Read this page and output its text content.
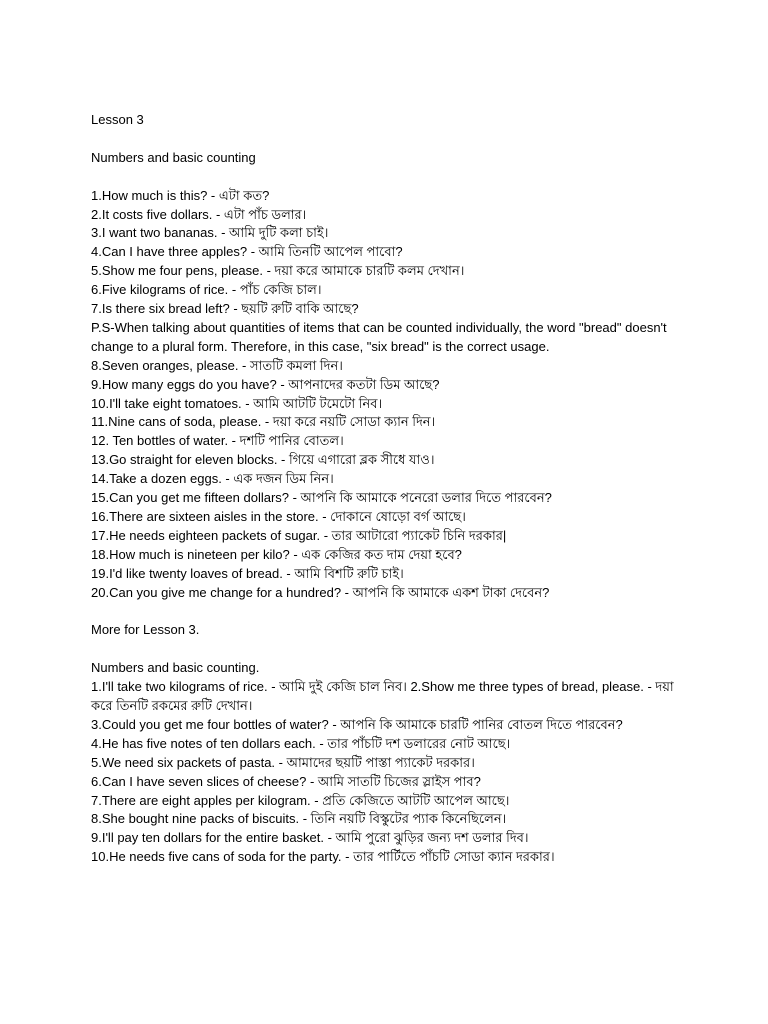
Lesson 3

Numbers and basic counting

1.How much is this? - এটা কত?
2.It costs five dollars. - এটা পাঁচ ডলার।
3.I want two bananas. - আমি দুটি কলা চাই।
4.Can I have three apples? - আমি তিনটি আপেল পাবো?
5.Show me four pens, please. - দয়া করে আমাকে চারটি কলম দেখান।
6.Five kilograms of rice. - পাঁচ কেজি চাল।
7.Is there six bread left? - ছয়টি রুটি বাকি আছে?
P.S-When talking about quantities of items that can be counted individually, the word "bread" doesn't change to a plural form. Therefore, in this case, "six bread" is the correct usage.
8.Seven oranges, please. - সাতটি কমলা দিন।
9.How many eggs do you have? - আপনাদের কতটা ডিম আছে?
10.I'll take eight tomatoes. - আমি আটটি টমেটো নিব।
11.Nine cans of soda, please. - দয়া করে নয়টি সোডা ক্যান দিন।
12. Ten bottles of water. - দশটি পানির বোতল।
13.Go straight for eleven blocks. - গিয়ে এগারো ব্লক সীধে যাও।
14.Take a dozen eggs. - এক দজন ডিম নিন।
15.Can you get me fifteen dollars? - আপনি কি আমাকে পনেরো ডলার দিতে পারবেন?
16.There are sixteen aisles in the store. - দোকানে ষোড়ো বর্গ আছে।
17.He needs eighteen packets of sugar. - তার আটারো প্যাকেট চিনি দরকার|
18.How much is nineteen per kilo? - এক কেজির কত দাম দেয়া হবে?
19.I'd like twenty loaves of bread. - আমি বিশটি রুটি চাই।
20.Can you give me change for a hundred? - আপনি কি আমাকে একশ টাকা দেবেন?

More for Lesson 3.

Numbers and basic counting.

1.I'll take two kilograms of rice. - আমি দুই কেজি চাল নিব। 2.Show me three types of bread, please. - দয়া করে তিনটি রকমের রুটি দেখান।
3.Could you get me four bottles of water? - আপনি কি আমাকে চারটি পানির বোতল দিতে পারবেন?
4.He has five notes of ten dollars each. - তার পাঁচটি দশ ডলারের নোট আছে।
5.We need six packets of pasta. - আমাদের ছয়টি পাস্তা প্যাকেট দরকার।
6.Can I have seven slices of cheese? - আমি সাতটি চিজের স্লাইস পাব?
7.There are eight apples per kilogram. - প্রতি কেজিতে আটটি আপেল আছে।
8.She bought nine packs of biscuits. - তিনি নয়টি বিস্কুটের প্যাক কিনেছিলেন।
9.I'll pay ten dollars for the entire basket. - আমি পুরো ঝুড়ির জন্য দশ ডলার দিব।
10.He needs five cans of soda for the party. - তার পার্টিতে পাঁচটি সোডা ক্যান দরকার।
